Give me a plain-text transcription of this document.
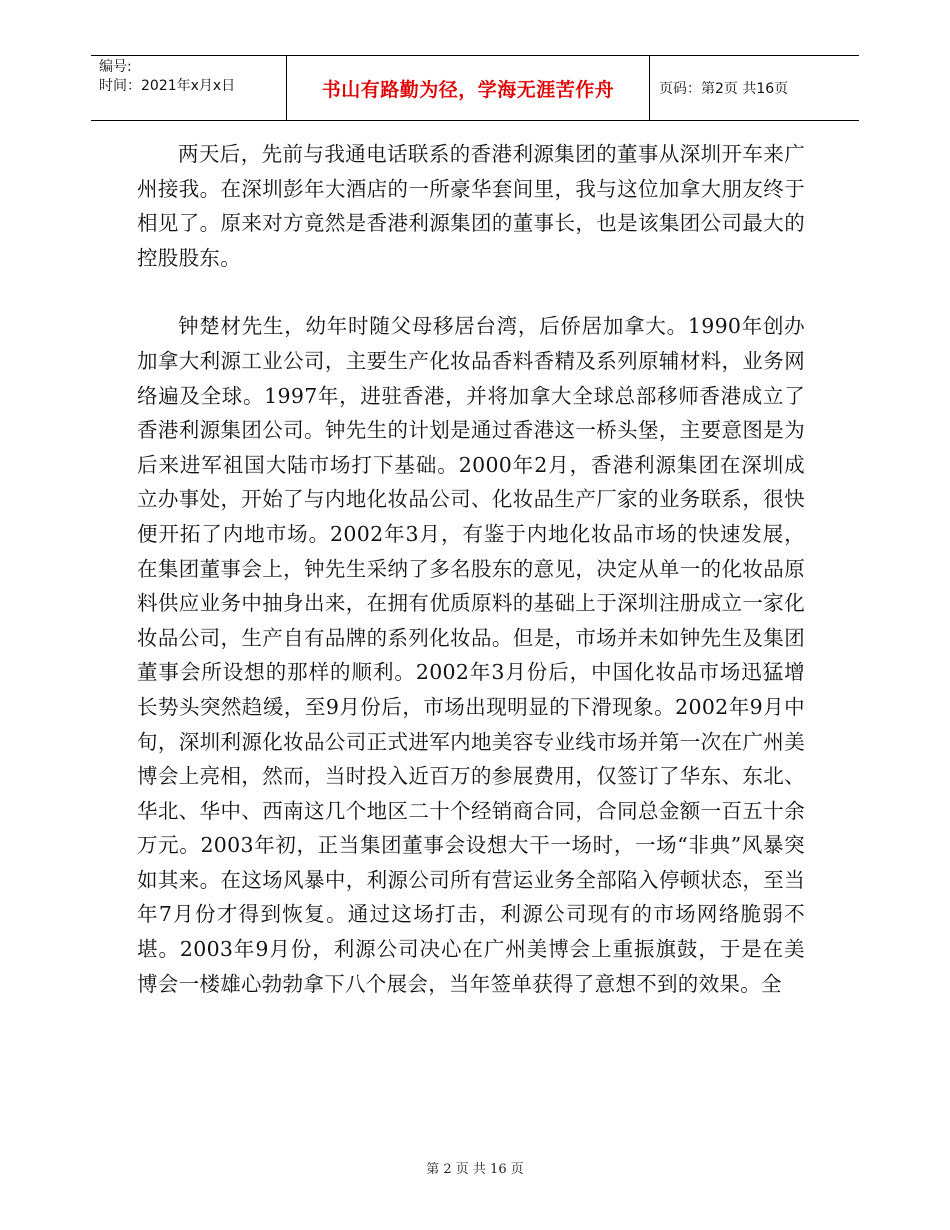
编号:
时间：2021年x月x日	书山有路勤为径，学海无涯苦作舟	页码：第2页 共16页

两天后，先前与我通电话联系的香港利源集团的董事从深圳开车来广州接我。在深圳彭年大酒店的一所豪华套间里，我与这位加拿大朋友终于相见了。原来对方竟然是香港利源集团的董事长，也是该集团公司最大的控股股东。

钟楚材先生，幼年时随父母移居台湾，后侨居加拿大。1990年创办加拿大利源工业公司，主要生产化妆品香料香精及系列原辅材料，业务网络遍及全球。1997年，进驻香港，并将加拿大全球总部移师香港成立了香港利源集团公司。钟先生的计划是通过香港这一桥头堡，主要意图是为后来进军祖国大陆市场打下基础。2000年2月，香港利源集团在深圳成立办事处，开始了与内地化妆品公司、化妆品生产厂家的业务联系，很快便开拓了内地市场。2002年3月，有鉴于内地化妆品市场的快速发展，在集团董事会上，钟先生采纳了多名股东的意见，决定从单一的化妆品原料供应业务中抽身出来，在拥有优质原料的基础上于深圳注册成立一家化妆品公司，生产自有品牌的系列化妆品。但是，市场并未如钟先生及集团董事会所设想的那样的顺利。2002年3月份后，中国化妆品市场迅猛增长势头突然趋缓，至9月份后，市场出现明显的下滑现象。2002年9月中旬，深圳利源化妆品公司正式进军内地美容专业线市场并第一次在广州美博会上亮相，然而，当时投入近百万的参展费用，仅签订了华东、东北、华北、华中、西南这几个地区二十个经销商合同，合同总金额一百五十余万元。2003年初，正当集团董事会设想大干一场时，一场“非典”风暴突如其来。在这场风暴中，利源公司所有营运业务全部陷入停顿状态，至当年7月份才得到恢复。通过这场打击，利源公司现有的市场网络脆弱不堪。2003年9月份，利源公司决心在广州美博会上重振旗鼓，于是在美博会一楼雄心勃勃拿下八个展会，当年签单获得了意想不到的效果。全

第 2 页 共 16 页
